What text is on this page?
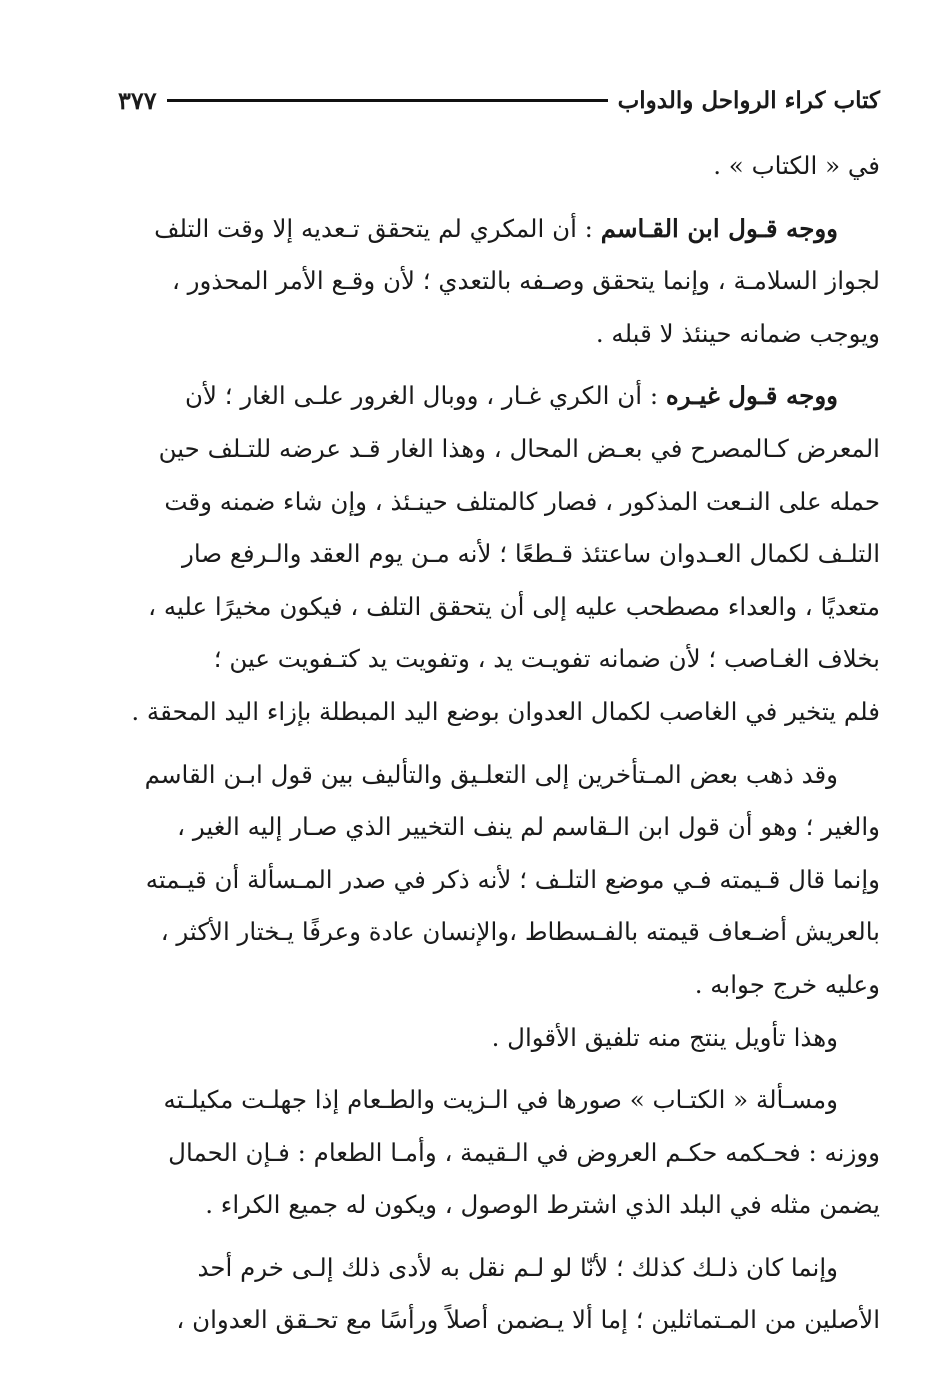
كتاب كراء الرواحل والدواب
٣٧٧
في « الكتاب » .
ووجه قـول ابن القـاسم : أن المكري لم يتحقق تـعديه إلا وقت التلف
لجواز السلامـة ، وإنما يتحقق وصـفه بالتعدي ؛ لأن وقـع الأمر المحذور ،
ويوجب ضمانه حينئذ لا قبله .
ووجه قـول غيـره : أن الكري غـار ، ووبال الغرور علـى الغار ؛ لأن
المعرض كـالمصرح في بعـض المحال ، وهذا الغار قـد عرضه للتـلف حين
حمله على النـعت المذكور ، فصار كالمتلف حينـئذ ، وإن شاء ضمنه وقت
التلـف لكمال العـدوان ساعتئذ قـطعًا ؛ لأنه مـن يوم العقد والـرفع صار
متعديًا ، والعداء مصطحب عليه إلى أن يتحقق التلف ، فيكون مخيرًا عليه ،
بخلاف الغـاصب ؛ لأن ضمانه تفويـت يد ، وتفويت يد كتـفويت عين ؛
فلم يتخير في الغاصب لكمال العدوان بوضع اليد المبطلة بإزاء اليد المحقة .
وقد ذهب بعض المـتأخرين إلى التعلـيق والتأليف بين قول ابـن القاسم
والغير ؛ وهو أن قول ابن الـقاسم لم ينف التخيير الذي صـار إليه الغير ،
وإنما قال قـيمته فـي موضع التلـف ؛ لأنه ذكر في صدر المـسألة أن قيـمته
بالعريش أضـعاف قيمته بالفـسطاط ،والإنسان عادة وعرفًا يـختار الأكثر ،
وعليه خرج جوابه .
وهذا تأويل ينتج منه تلفيق الأقوال .
ومسـألة « الكتـاب » صورها في الـزيت والطـعام إذا جهلـت مكيلـته
ووزنه : فحـكمه حكـم العروض في الـقيمة ، وأمـا الطعام : فـإن الحمال
يضمن مثله في البلد الذي اشترط الوصول ، ويكون له جميع الكراء .
وإنما كان ذلـك كذلك ؛ لأنّا لو لـم نقل به لأدى ذلك إلـى خرم أحد
الأصلين من المـتماثلين ؛ إما ألا يـضمن أصلاً ورأسًا مع تحـقق العدوان ،
